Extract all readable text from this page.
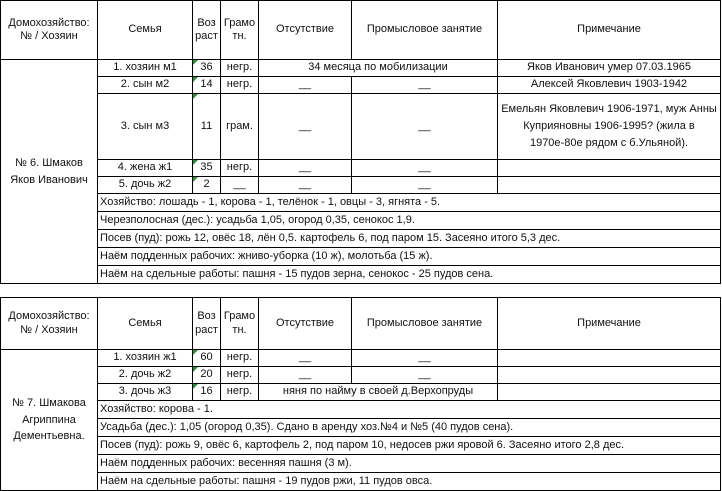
Домохозяйство: № / Хозяин	Семья	Возраст	Грамотн.	Отсутствие	Промысловое занятие	Примечание
№ 6. Шмаков Яков Иванович	1. хозяин м1	36	негр.	34 месяца по мобилизации		Яков Иванович умер 07.03.1965
	2. сын м2	14	негр.	__	__	Алексей Яковлевич 1903-1942
	3. сын м3	11	грам.	__	__	Емельян Яковлевич 1906-1971, муж Анны Куприяновны 1906-1995? (жила в 1970е-80е рядом с б.Ульяной).
	4. жена ж1	35	негр.	__	__	
	5. дочь ж2	2	__	__	__	
	Хозяйство: лошадь - 1, корова - 1, телёнок - 1, овцы - 3, ягнята - 5.					
	Черезполосная (дес.): усадьба 1,05, огород 0,35, сенокос 1,9.					
	Посев (пуд): рожь 12, овёс 18, лён 0,5. картофель 6, под паром 15. Засеяно итого 5,3 дес.					
	Наём подденных рабочих: жниво-уборка (10 ж), молотьба (15 ж).					
	Наём на сдельные работы: пашня - 15 пудов зерна, сенокос - 25 пудов сена.					
Домохозяйство: № / Хозяин	Семья	Возраст	Грамотн.	Отсутствие	Промысловое занятие	Примечание
№ 7. Шмакова Агриппина Дементьевна.	1. хозяин ж1	60	негр.	__	__	
	2. дочь ж2	20	негр.	__	__	
	3. дочь ж3	16	негр.	няня по найму в своей д.Верхопруды		
	Хозяйство: корова - 1.					
	Усадьба (дес.): 1,05 (огород 0,35). Сдано в аренду хоз.№4 и №5 (40 пудов сена).					
	Посев (пуд): рожь 9, овёс 6, картофель 2, под паром 10, недосев ржи яровой 6. Засеяно итого 2,8 дес.					
	Наём подденных рабочих: весенняя пашня (3 м).					
	Наём на сдельные работы: пашня - 19 пудов ржи, 11 пудов овса.					
